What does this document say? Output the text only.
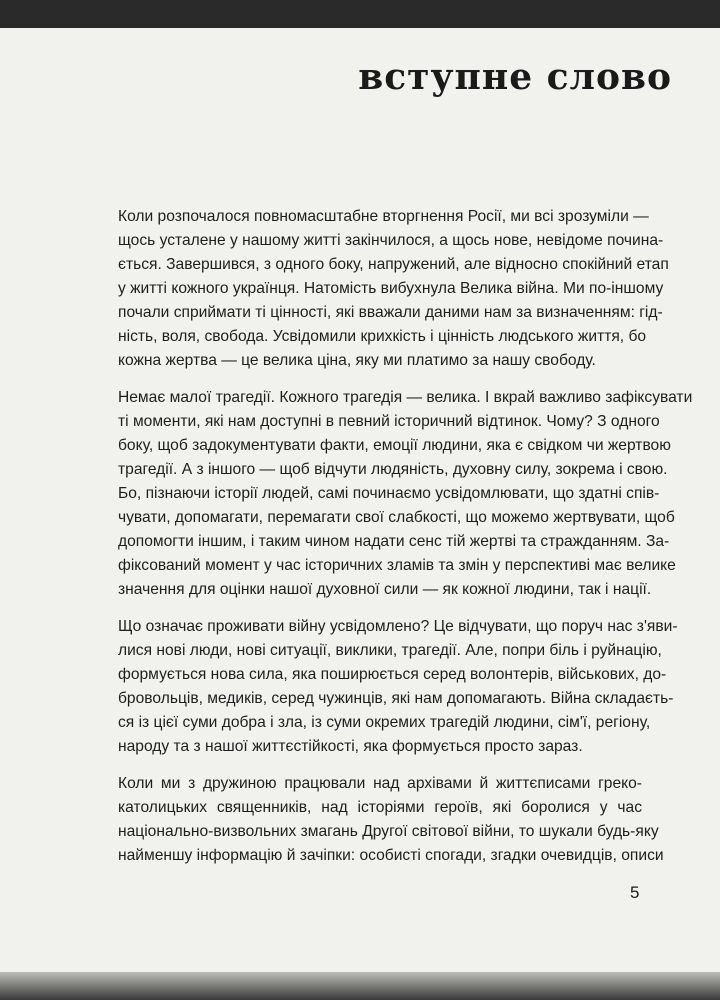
вступне слово

Коли розпочалося повномасштабне вторгнення Росії, ми всі зрозуміли —
щось усталене у нашому житті закінчилося, а щось нове, невідоме почина-
ється. Завершився, з одного боку, напружений, але відносно спокійний етап
у житті кожного українця. Натомість вибухнула Велика війна. Ми по-іншому
почали сприймати ті цінності, які вважали даними нам за визначенням: гід-
ність, воля, свобода. Усвідомили крихкість і цінність людського життя, бо
кожна жертва — це велика ціна, яку ми платимо за нашу свободу.

Немає малої трагедії. Кожного трагедія — велика. І вкрай важливо зафіксувати
ті моменти, які нам доступні в певний історичний відтинок. Чому? З одного
боку, щоб задокументувати факти, емоції людини, яка є свідком чи жертвою
трагедії. А з іншого — щоб відчути людяність, духовну силу, зокрема і свою.
Бо, пізнаючи історії людей, самі починаємо усвідомлювати, що здатні спів-
чувати, допомагати, перемагати свої слабкості, що можемо жертвувати, щоб
допомогти іншим, і таким чином надати сенс тій жертві та стражданням. За-
фіксований момент у час історичних зламів та змін у перспективі має велике
значення для оцінки нашої духовної сили — як кожної людини, так і нації.

Що означає проживати війну усвідомлено? Це відчувати, що поруч нас з'яви-
лися нові люди, нові ситуації, виклики, трагедії. Але, попри біль і руйнацію,
формується нова сила, яка поширюється серед волонтерів, військових, до-
бровольців, медиків, серед чужинців, які нам допомагають. Війна складаєть-
ся із цієї суми добра і зла, із суми окремих трагедій людини, сім'ї, регіону,
народу та з нашої життєстійкості, яка формується просто зараз.

Коли ми з дружиною працювали над архівами й життєписами греко-
католицьких священників, над історіями героїв, які боролися у час
національно-визвольних змагань Другої світової війни, то шукали будь-яку
найменшу інформацію й зачіпки: особисті спогади, згадки очевидців, описи

5
